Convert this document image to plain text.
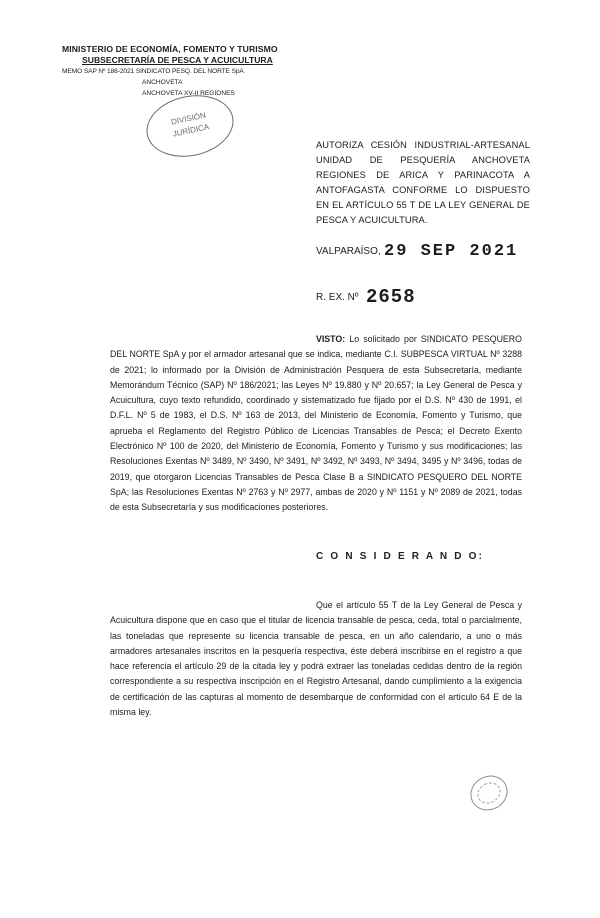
MINISTERIO DE ECONOMÍA, FOMENTO Y TURISMO
SUBSECRETARÍA DE PESCA Y ACUICULTURA
MEMO SAP Nº 186-2021 SINDICATO PESQ. DEL NORTE SpA
ANCHOVETA
ANCHOVETA XV-II REGIONES
DIVISIÓN
JURÍDICA
AUTORIZA CESIÓN INDUSTRIAL-ARTESANAL UNIDAD DE PESQUERÍA ANCHOVETA REGIONES DE ARICA Y PARINACOTA A ANTOFAGASTA CONFORME LO DISPUESTO EN EL ARTÍCULO 55 T DE LA LEY GENERAL DE PESCA Y ACUICULTURA.
VALPARAÍSO, 29 SEP 2021
R. EX. Nº 2658
VISTO: Lo solicitado por SINDICATO PESQUERO DEL NORTE SpA y por el armador artesanal que se indica, mediante C.I. SUBPESCA VIRTUAL Nº 3288 de 2021; lo informado por la División de Administración Pesquera de esta Subsecretaría, mediante Memorándum Técnico (SAP) Nº 186/2021; las Leyes Nº 19.880 y Nº 20.657; la Ley General de Pesca y Acuicultura, cuyo texto refundido, coordinado y sistematizado fue fijado por el D.S. Nº 430 de 1991, el D.F.L. Nº 5 de 1983, el D.S. Nº 163 de 2013, del Ministerio de Economía, Fomento y Turismo, que aprueba el Reglamento del Registro Público de Licencias Transables de Pesca; el Decreto Exento Electrónico Nº 100 de 2020, del Ministerio de Economía, Fomento y Turismo y sus modificaciones; las Resoluciones Exentas Nº 3489, Nº 3490, Nº 3491, Nº 3492, Nº 3493, Nº 3494, 3495 y Nº 3496, todas de 2019, que otorgaron Licencias Transables de Pesca Clase B a SINDICATO PESQUERO DEL NORTE SpA; las Resoluciones Exentas Nº 2763 y Nº 2977, ambas de 2020 y Nº 1151 y Nº 2089 de 2021, todas de esta Subsecretaría y sus modificaciones posteriores.
C O N S I D E R A N D O:
Que el artículo 55 T de la Ley General de Pesca y Acuicultura dispone que en caso que el titular de licencia transable de pesca, ceda, total o parcialmente, las toneladas que represente su licencia transable de pesca, en un año calendario, a uno o más armadores artesanales inscritos en la pesquería respectiva, éste deberá inscribirse en el registro a que hace referencia el artículo 29 de la citada ley y podrá extraer las toneladas cedidas dentro de la región correspondiente a su respectiva inscripción en el Registro Artesanal, dando cumplimiento a la exigencia de certificación de las capturas al momento de desembarque de conformidad con el artículo 64 E de la misma ley.
